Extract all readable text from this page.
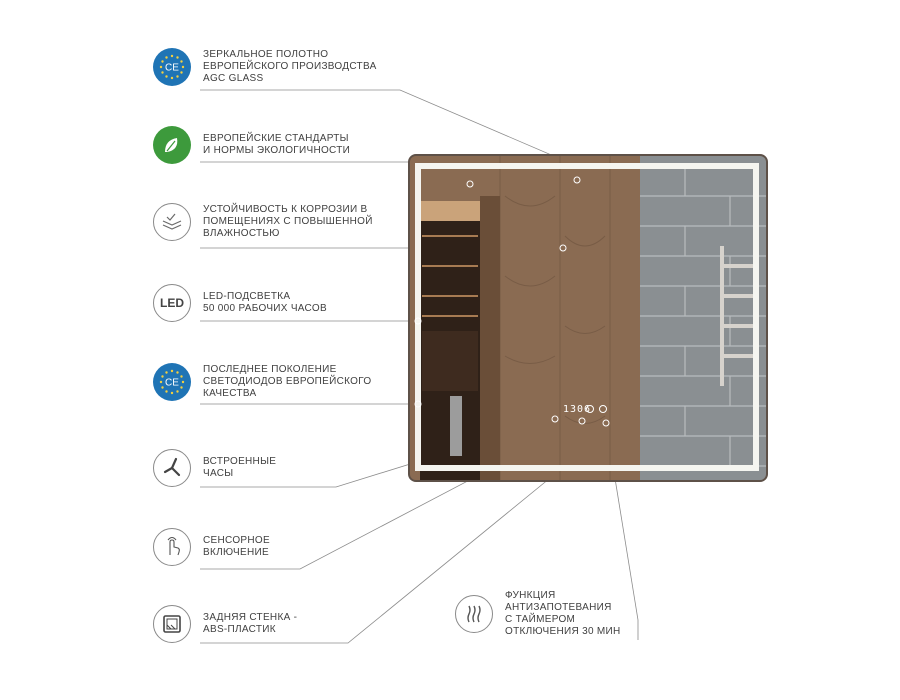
1306
CE
ЗЕРКАЛЬНОЕ ПОЛОТНО
ЕВРОПЕЙСКОГО ПРОИЗВОДСТВА
AGC GLASS
ЕВРОПЕЙСКИЕ СТАНДАРТЫ
И НОРМЫ ЭКОЛОГИЧНОСТИ
УСТОЙЧИВОСТЬ К КОРРОЗИИ В
ПОМЕЩЕНИЯХ С ПОВЫШЕННОЙ
ВЛАЖНОСТЬЮ
LED LED-ПОДСВЕТКА
50 000 РАБОЧИХ ЧАСОВ
CE
ПОСЛЕДНЕЕ ПОКОЛЕНИЕ
СВЕТОДИОДОВ ЕВРОПЕЙСКОГО
КАЧЕСТВА
ВСТРОЕННЫЕ
ЧАСЫ
СЕНСОРНОЕ
ВКЛЮЧЕНИЕ
ЗАДНЯЯ СТЕНКА -
ABS-ПЛАСТИК
ФУНКЦИЯ
АНТИЗАПОТЕВАНИЯ
С ТАЙМЕРОМ
ОТКЛЮЧЕНИЯ 30 МИН
